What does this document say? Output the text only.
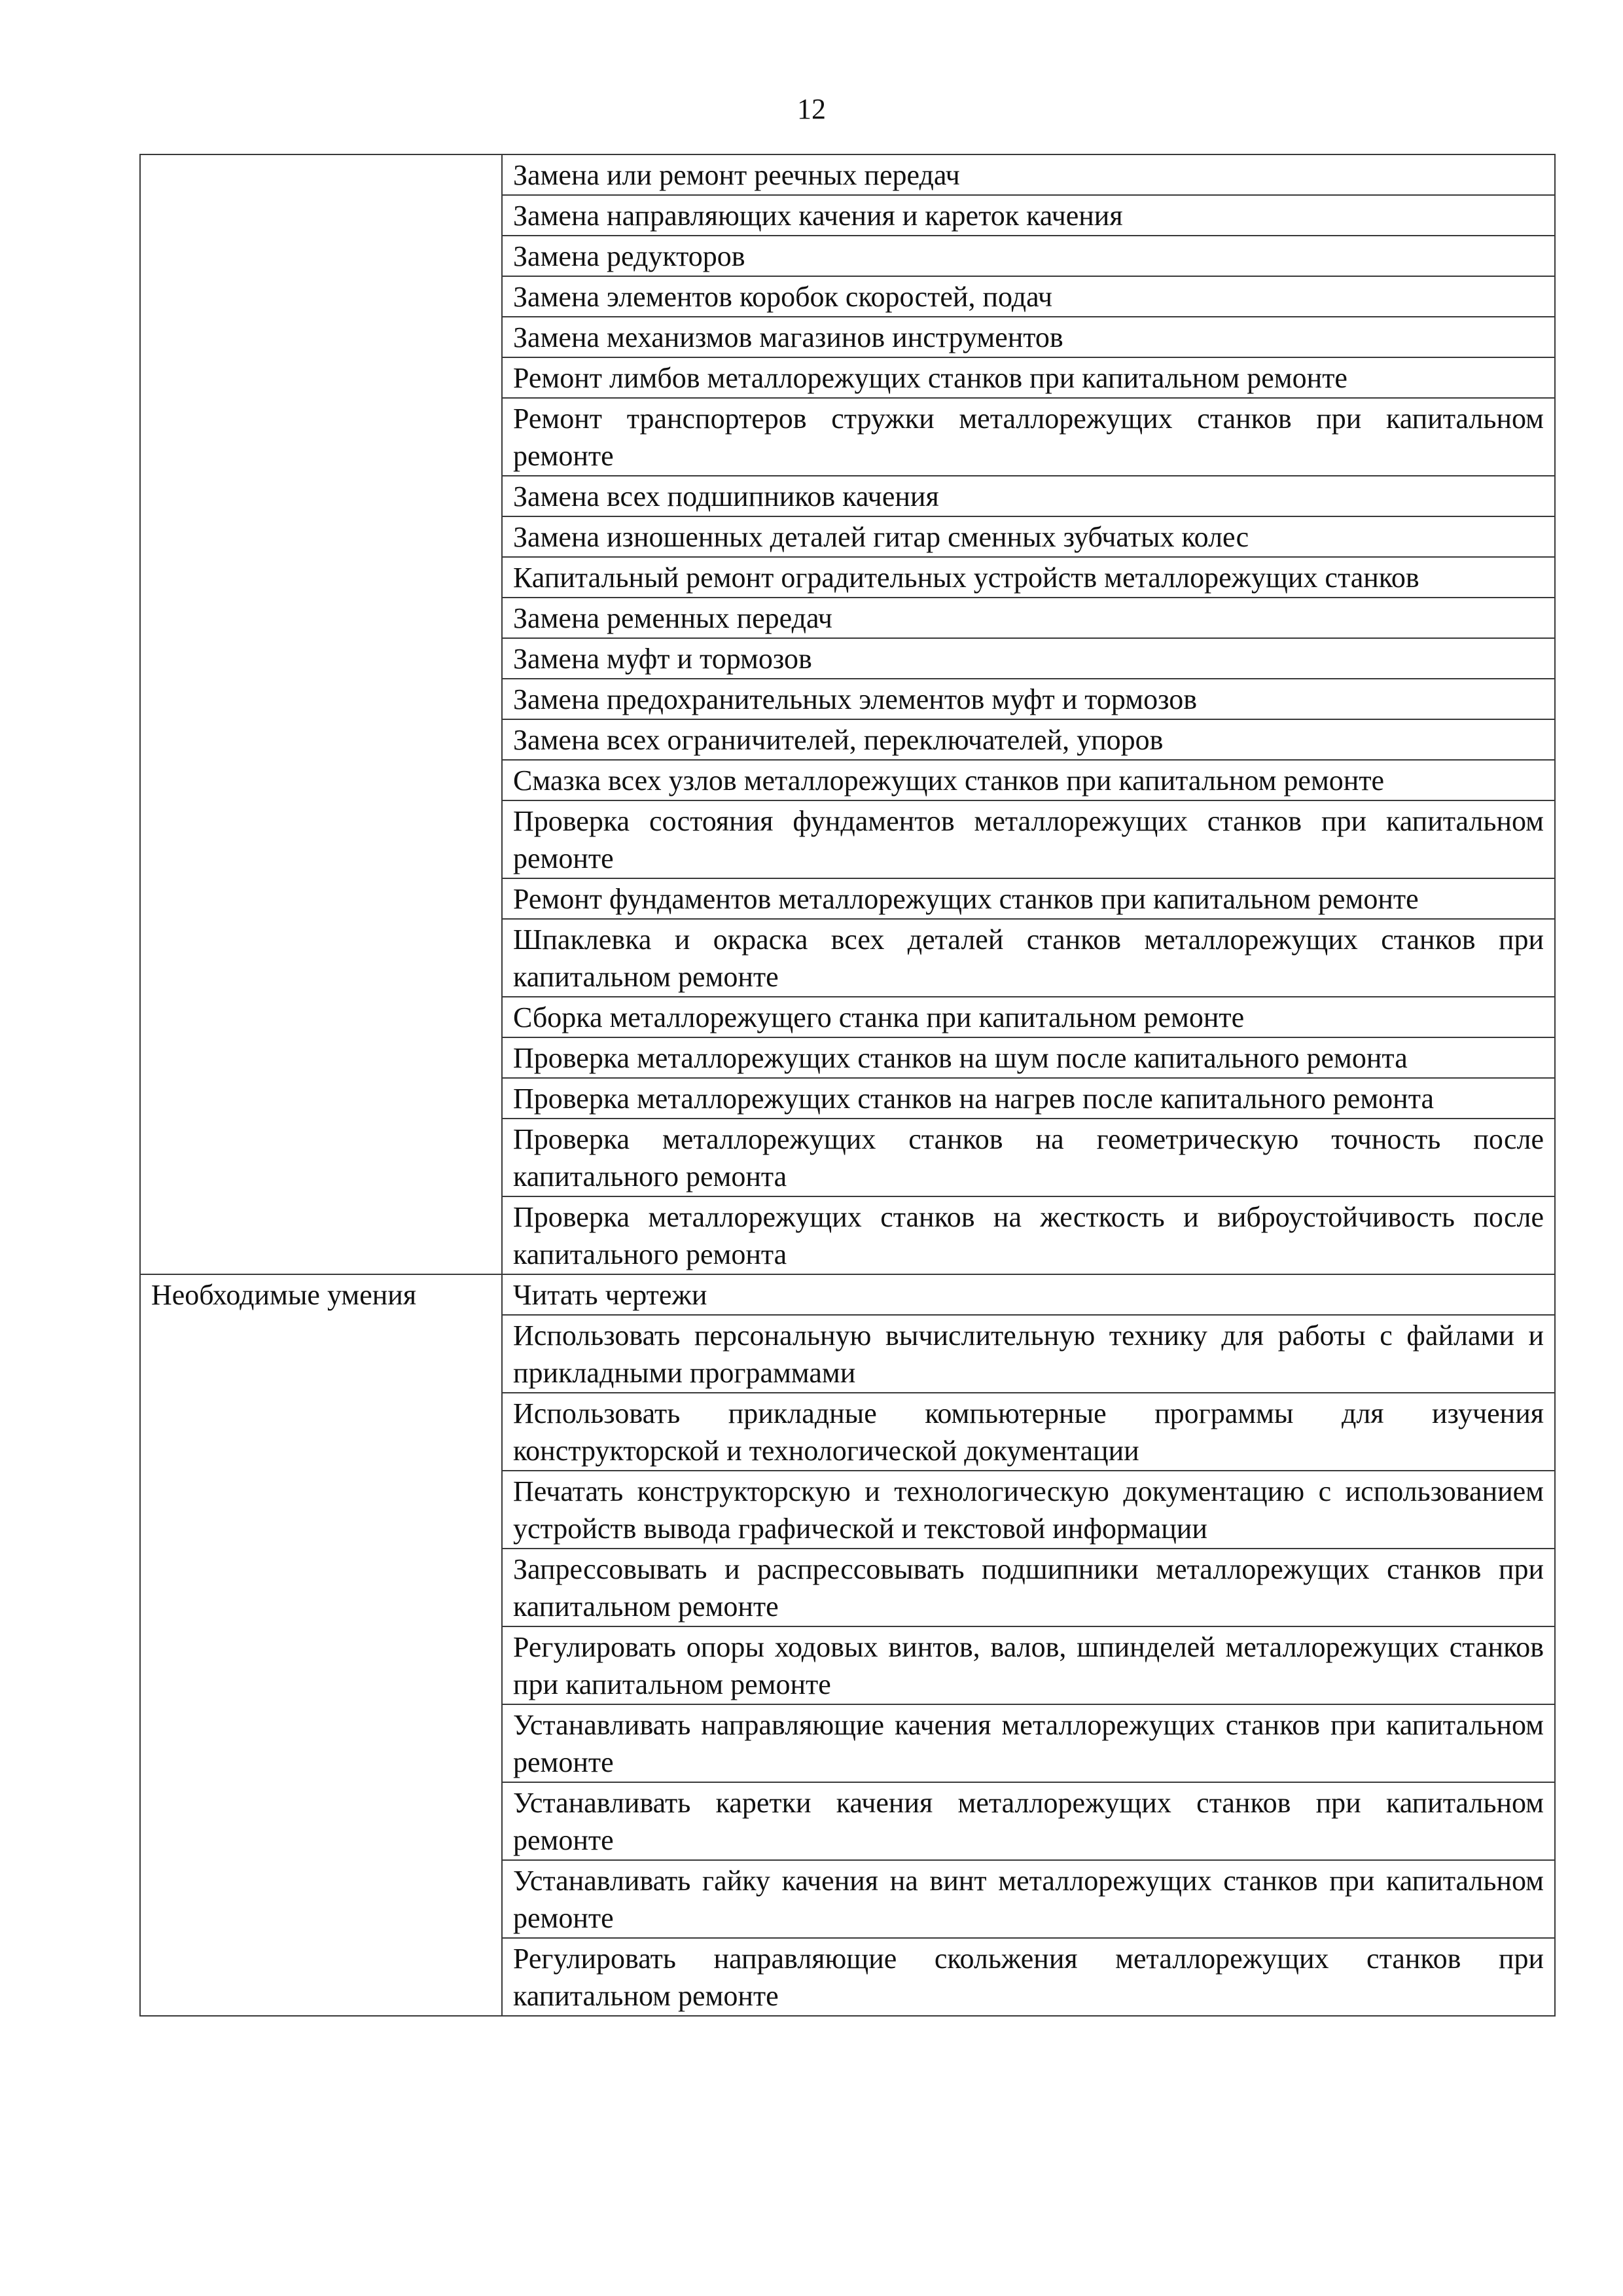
12
	Замена или ремонт реечных передач
	Замена направляющих качения и кареток качения
	Замена редукторов
	Замена элементов коробок скоростей, подач
	Замена механизмов магазинов инструментов
	Ремонт лимбов металлорежущих станков при капитальном ремонте
	Ремонт транспортеров стружки металлорежущих станков при капитальном ремонте
	Замена всех подшипников качения
	Замена изношенных деталей гитар сменных зубчатых колес
	Капитальный ремонт оградительных устройств металлорежущих станков
	Замена ременных передач
	Замена муфт и тормозов
	Замена предохранительных элементов муфт и тормозов
	Замена всех ограничителей, переключателей, упоров
	Смазка всех узлов металлорежущих станков при капитальном ремонте
	Проверка состояния фундаментов металлорежущих станков при капитальном ремонте
	Ремонт фундаментов металлорежущих станков при капитальном ремонте
	Шпаклевка и окраска всех деталей станков металлорежущих станков при капитальном ремонте
	Сборка металлорежущего станка при капитальном ремонте
	Проверка металлорежущих станков на шум после капитального ремонта
	Проверка металлорежущих станков на нагрев после капитального ремонта
	Проверка металлорежущих станков на геометрическую точность после капитального ремонта
	Проверка металлорежущих станков на жесткость и виброустойчивость после капитального ремонта
Необходимые умения	Читать чертежи
	Использовать персональную вычислительную технику для работы с файлами и прикладными программами
	Использовать прикладные компьютерные программы для изучения конструкторской и технологической документации
	Печатать конструкторскую и технологическую документацию с использованием устройств вывода графической и текстовой информации
	Запрессовывать и распрессовывать подшипники металлорежущих станков при капитальном ремонте
	Регулировать опоры ходовых винтов, валов, шпинделей металлорежущих станков при капитальном ремонте
	Устанавливать направляющие качения металлорежущих станков при капитальном ремонте
	Устанавливать каретки качения металлорежущих станков при капитальном ремонте
	Устанавливать гайку качения на винт металлорежущих станков при капитальном ремонте
	Регулировать направляющие скольжения металлорежущих станков при капитальном ремонте
